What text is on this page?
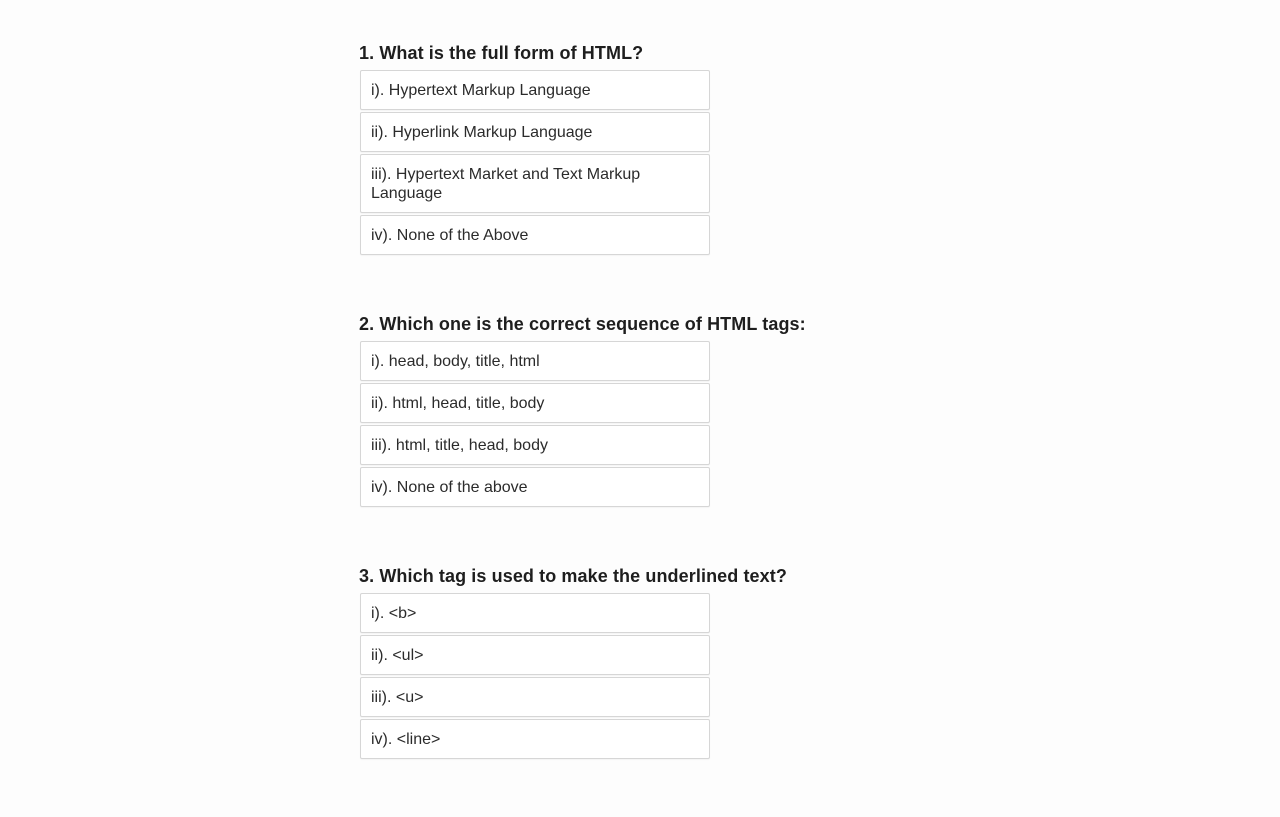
1. What is the full form of HTML?
i). Hypertext Markup Language
ii). Hyperlink Markup Language
iii). Hypertext Market and Text Markup Language
iv). None of the Above
2. Which one is the correct sequence of HTML tags:
i). head, body, title, html
ii). html, head, title, body
iii). html, title, head, body
iv). None of the above
3. Which tag is used to make the underlined text?
i). <b>
ii). <ul>
iii). <u>
iv). <line>
